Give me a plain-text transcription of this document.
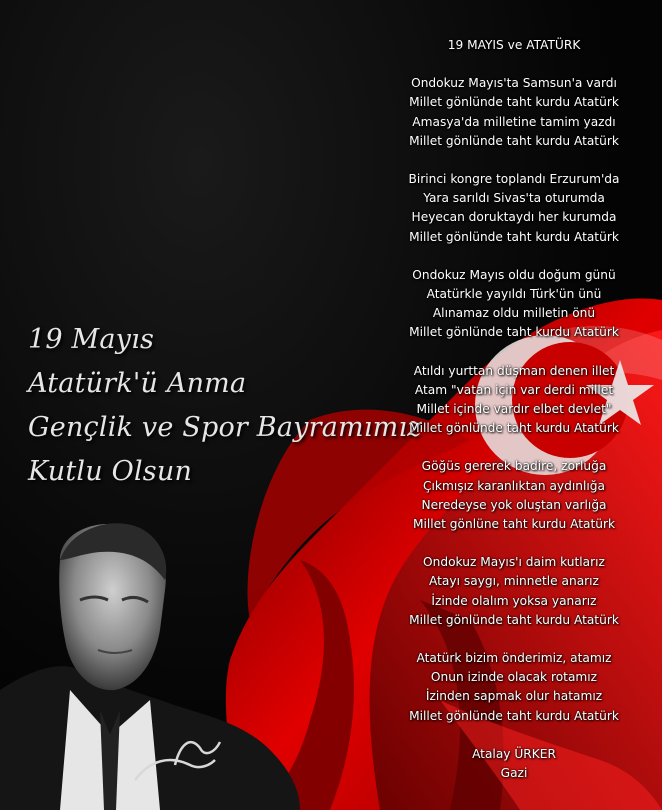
19 Mayıs
Atatürk'ü Anma
Gençlik ve Spor Bayramımız
Kutlu Olsun
19 MAYIS ve ATATÜRK
Ondokuz Mayıs'ta Samsun'a vardı
Millet gönlünde taht kurdu Atatürk
Amasya'da milletine tamim yazdı
Millet gönlünde taht kurdu Atatürk
Birinci kongre toplandı Erzurum'da
Yara sarıldı Sivas'ta oturumda
Heyecan doruktaydı her kurumda
Millet gönlünde taht kurdu Atatürk
Ondokuz Mayıs oldu doğum günü
Atatürkle yayıldı Türk'ün ünü
Alınamaz oldu milletin önü
Millet gönlünde taht kurdu Atatürk
Atıldı yurttan düşman denen illet
Atam "vatan için var derdi millet
Millet içinde vardır elbet devlet"
Millet gönlünde taht kurdu Atatürk
Göğüs gererek badire, zorluğa
Çıkmışız karanlıktan aydınlığa
Neredeyse yok oluştan varlığa
Millet gönlüne taht kurdu Atatürk
Ondokuz Mayıs'ı daim kutlarız
Atayı saygı, minnetle anarız
İzinde olalım yoksa yanarız
Millet gönlünde taht kurdu Atatürk
Atatürk bizim önderimiz, atamız
Onun izinde olacak rotamız
İzinden sapmak olur hatamız
Millet gönlünde taht kurdu Atatürk
Atalay ÜRKER
Gazi
